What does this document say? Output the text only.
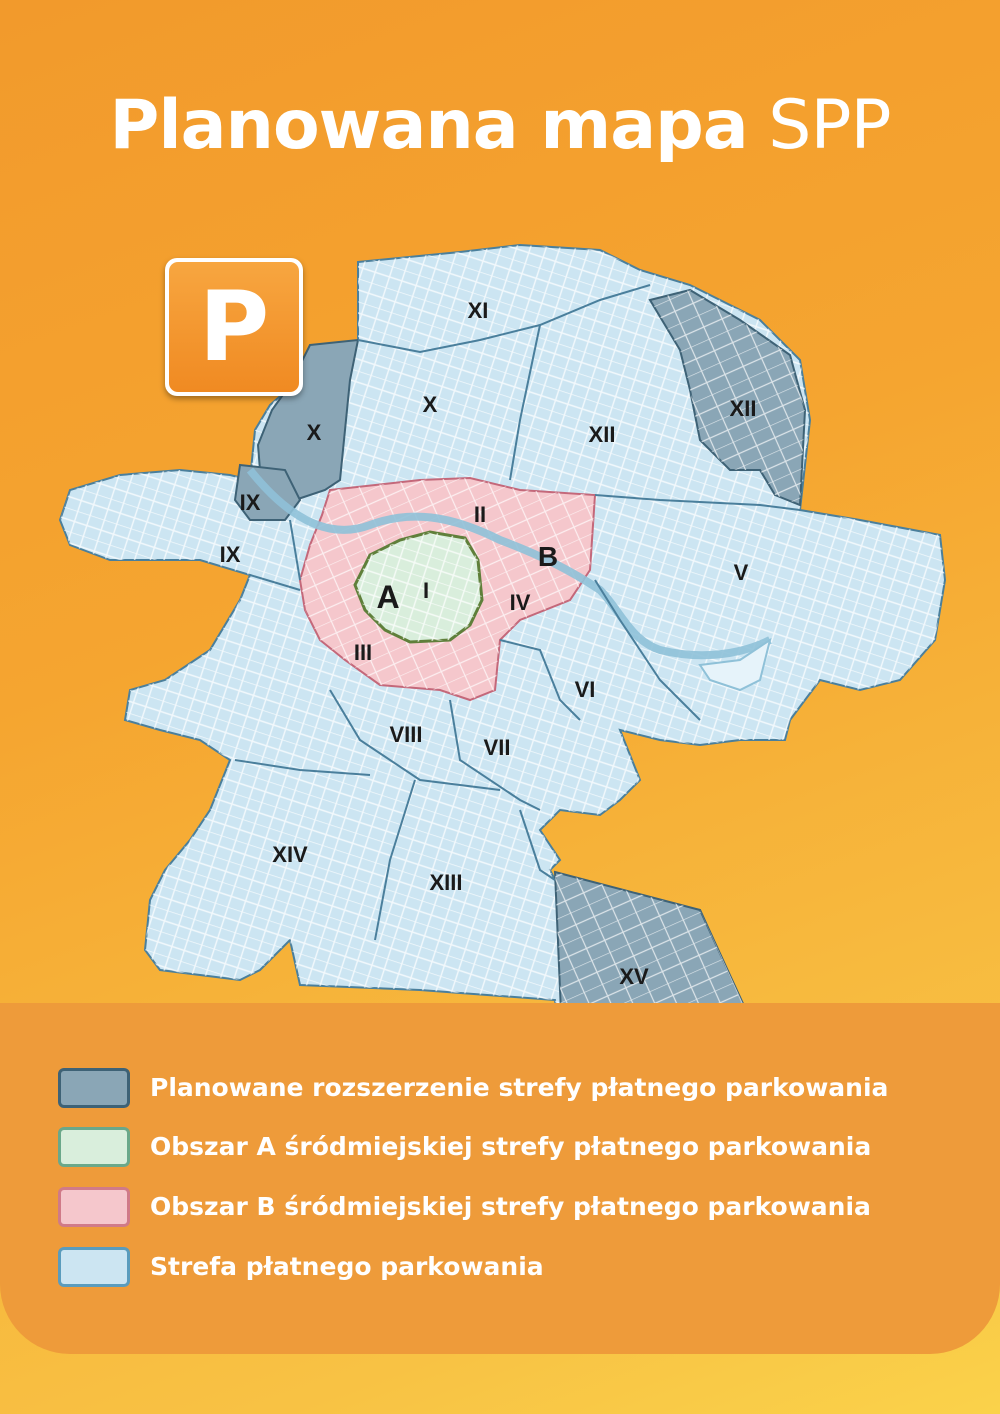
Planowana mapa SPP
XI
X
X	XII
XII
IX
IX
II
B
V
A I	IV
III
VI
VIII
VII
XIV
XIII
XV
P
Planowane rozszerzenie strefy płatnego parkowania
Obszar A śródmiejskiej strefy płatnego parkowania
Obszar B śródmiejskiej strefy płatnego parkowania
Strefa płatnego parkowania
